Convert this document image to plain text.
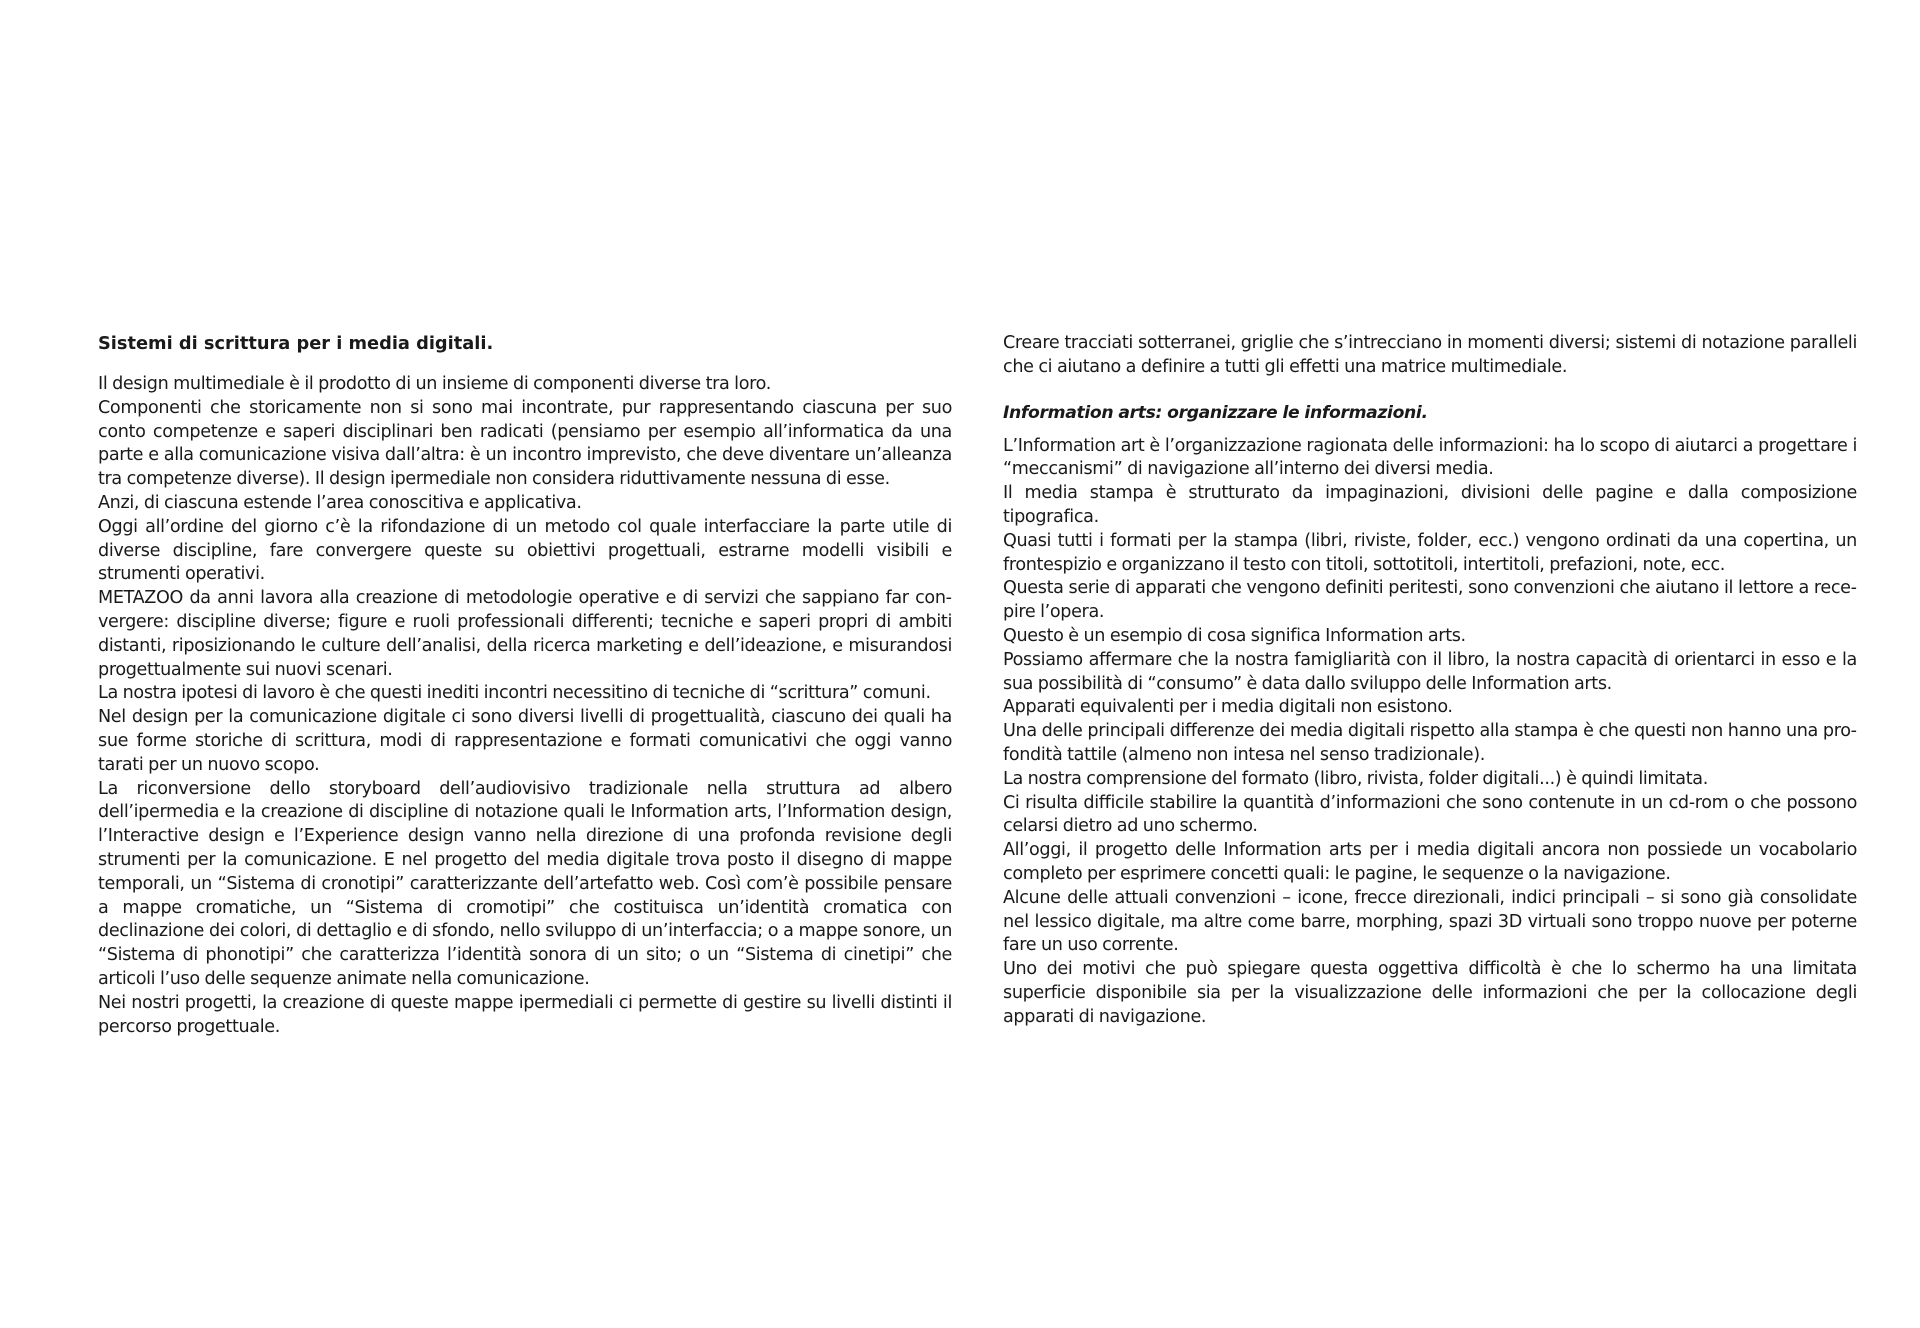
Sistemi di scrittura per i media digitali.

Il design multimediale è il prodotto di un insieme di componenti diverse tra loro.

Componenti che storicamente non si sono mai incontrate, pur rappresentando ciascuna per suo conto competenze e saperi disciplinari ben radicati (pensiamo per esempio all’informatica da una parte e alla comunicazione visiva dall’altra: è un incontro imprevisto, che deve diventare un’alleanza tra competenze diverse). Il design ipermediale non considera riduttivamente nessuna di esse.

Anzi, di ciascuna estende l’area conoscitiva e applicativa.

Oggi all’ordine del giorno c’è la rifondazione di un metodo col quale interfacciare la parte utile di diverse discipline, fare convergere queste su obiettivi progettuali, estrarne modelli visibili e strumenti operativi.

METAZOO da anni lavora alla creazione di metodologie operative e di servizi che sappiano far convergere: discipline diverse; figure e ruoli professionali differenti; tecniche e saperi propri di ambiti distanti, riposizionando le culture dell’analisi, della ricerca marketing e dell’ideazione, e misurandosi progettualmente sui nuovi scenari.

La nostra ipotesi di lavoro è che questi inediti incontri necessitino di tecniche di “scrittura” comuni.

Nel design per la comunicazione digitale ci sono diversi livelli di progettualità, ciascuno dei quali ha sue forme storiche di scrittura, modi di rappresentazione e formati comunicativi che oggi vanno tarati per un nuovo scopo.

La riconversione dello storyboard dell’audiovisivo tradizionale nella struttura ad albero dell’ipermedia e la creazione di discipline di notazione quali le Information arts, l’Information design, l’Interactive design e l’Experience design vanno nella direzione di una profonda revisione degli strumenti per la comunicazione. E nel progetto del media digitale trova posto il disegno di mappe temporali, un “Sistema di cronotipi” caratterizzante dell’artefatto web. Così com’è possibile pensare a mappe cromatiche, un “Sistema di cromotipi” che costituisca un’identità cromatica con declinazione dei colori, di dettaglio e di sfondo, nello sviluppo di un’interfaccia; o a mappe sonore, un “Sistema di phonotipi” che caratterizza l’identità sonora di un sito; o un “Sistema di cinetipi” che articoli l’uso delle sequenze animate nella comunicazione.

Nei nostri progetti, la creazione di queste mappe ipermediali ci permette di gestire su livelli distinti il percorso progettuale.

Creare tracciati sotterranei, griglie che s’intrecciano in momenti diversi; sistemi di notazione paralleli che ci aiutano a definire a tutti gli effetti una matrice multimediale.

Information arts: organizzare le informazioni.

L’Information art è l’organizzazione ragionata delle informazioni: ha lo scopo di aiutarci a progettare i “meccanismi” di navigazione all’interno dei diversi media.

Il media stampa è strutturato da impaginazioni, divisioni delle pagine e dalla composizione tipografica.

Quasi tutti i formati per la stampa (libri, riviste, folder, ecc.) vengono ordinati da una copertina, un frontespizio e organizzano il testo con titoli, sottotitoli, intertitoli, prefazioni, note, ecc.

Questa serie di apparati che vengono definiti peritesti, sono convenzioni che aiutano il lettore a recepire l’opera.

Questo è un esempio di cosa significa Information arts.

Possiamo affermare che la nostra famigliarità con il libro, la nostra capacità di orientarci in esso e la sua possibilità di “consumo” è data dallo sviluppo delle Information arts.

Apparati equivalenti per i media digitali non esistono.

Una delle principali differenze dei media digitali rispetto alla stampa è che questi non hanno una profondità tattile (almeno non intesa nel senso tradizionale).

La nostra comprensione del formato (libro, rivista, folder digitali...) è quindi limitata.

Ci risulta difficile stabilire la quantità d’informazioni che sono contenute in un cd-rom o che possono celarsi dietro ad uno schermo.

All’oggi, il progetto delle Information arts per i media digitali ancora non possiede un vocabolario completo per esprimere concetti quali: le pagine, le sequenze o la navigazione.

Alcune delle attuali convenzioni – icone, frecce direzionali, indici principali – si sono già consolidate nel lessico digitale, ma altre come barre, morphing, spazi 3D virtuali sono troppo nuove per poterne fare un uso corrente.

Uno dei motivi che può spiegare questa oggettiva difficoltà è che lo schermo ha una limitata superficie disponibile sia per la visualizzazione delle informazioni che per la collocazione degli apparati di navigazione.
